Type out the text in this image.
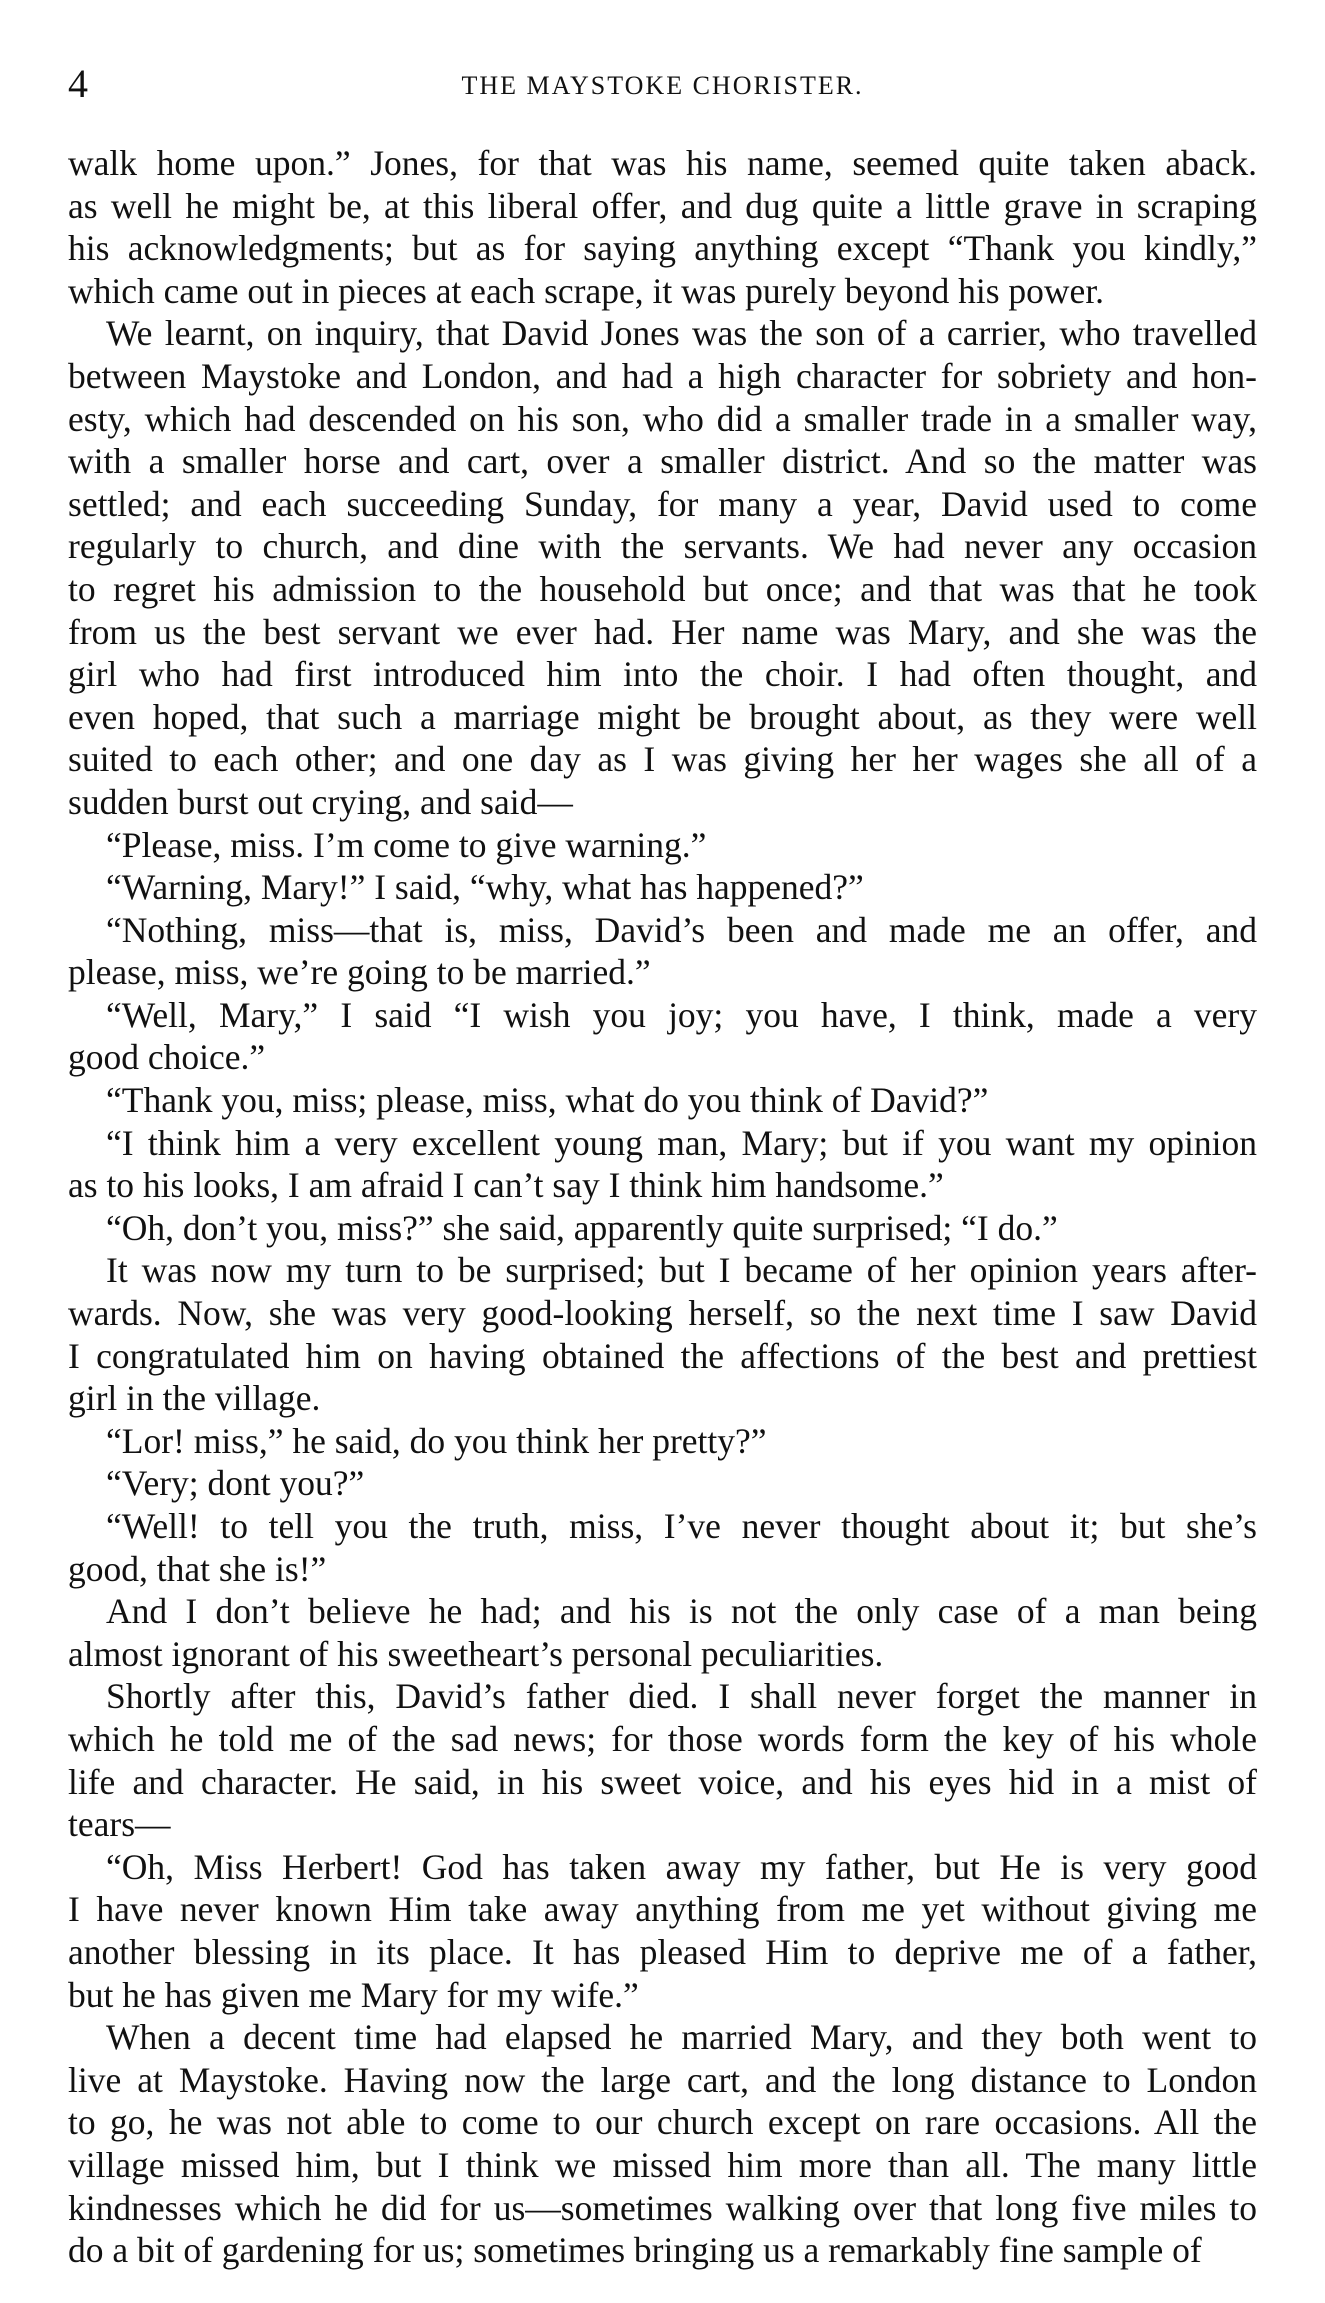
4	THE MAYSTOKE CHORISTER.
walk home upon.” Jones, for that was his name, seemed quite taken aback.
as well he might be, at this liberal offer, and dug quite a little grave in scraping
his acknowledgments; but as for saying anything except “Thank you kindly,”
which came out in pieces at each scrape, it was purely beyond his power.
We learnt, on inquiry, that David Jones was the son of a carrier, who travelled
between Maystoke and London, and had a high character for sobriety and hon-
esty, which had descended on his son, who did a smaller trade in a smaller way,
with a smaller horse and cart, over a smaller district. And so the matter was
settled; and each succeeding Sunday, for many a year, David used to come
regularly to church, and dine with the servants. We had never any occasion
to regret his admission to the household but once; and that was that he took
from us the best servant we ever had. Her name was Mary, and she was the
girl who had first introduced him into the choir. I had often thought, and
even hoped, that such a marriage might be brought about, as they were well
suited to each other; and one day as I was giving her her wages she all of a
sudden burst out crying, and said—
“Please, miss. I’m come to give warning.”
“Warning, Mary!” I said, “why, what has happened?”
“Nothing, miss—that is, miss, David’s been and made me an offer, and
please, miss, we’re going to be married.”
“Well, Mary,” I said “I wish you joy; you have, I think, made a very
good choice.”
“Thank you, miss; please, miss, what do you think of David?”
“I think him a very excellent young man, Mary; but if you want my opinion
as to his looks, I am afraid I can’t say I think him handsome.”
“Oh, don’t you, miss?” she said, apparently quite surprised; “I do.”
It was now my turn to be surprised; but I became of her opinion years after-
wards. Now, she was very good-looking herself, so the next time I saw David
I congratulated him on having obtained the affections of the best and prettiest
girl in the village.
“Lor! miss,” he said, do you think her pretty?”
“Very; dont you?”
“Well! to tell you the truth, miss, I’ve never thought about it; but she’s
good, that she is!”
And I don’t believe he had; and his is not the only case of a man being
almost ignorant of his sweetheart’s personal peculiarities.
Shortly after this, David’s father died. I shall never forget the manner in
which he told me of the sad news; for those words form the key of his whole
life and character. He said, in his sweet voice, and his eyes hid in a mist of
tears—
“Oh, Miss Herbert! God has taken away my father, but He is very good
I have never known Him take away anything from me yet without giving me
another blessing in its place. It has pleased Him to deprive me of a father,
but he has given me Mary for my wife.”
When a decent time had elapsed he married Mary, and they both went to
live at Maystoke. Having now the large cart, and the long distance to London
to go, he was not able to come to our church except on rare occasions. All the
village missed him, but I think we missed him more than all. The many little
kindnesses which he did for us—sometimes walking over that long five miles to
do a bit of gardening for us; sometimes bringing us a remarkably fine sample of
